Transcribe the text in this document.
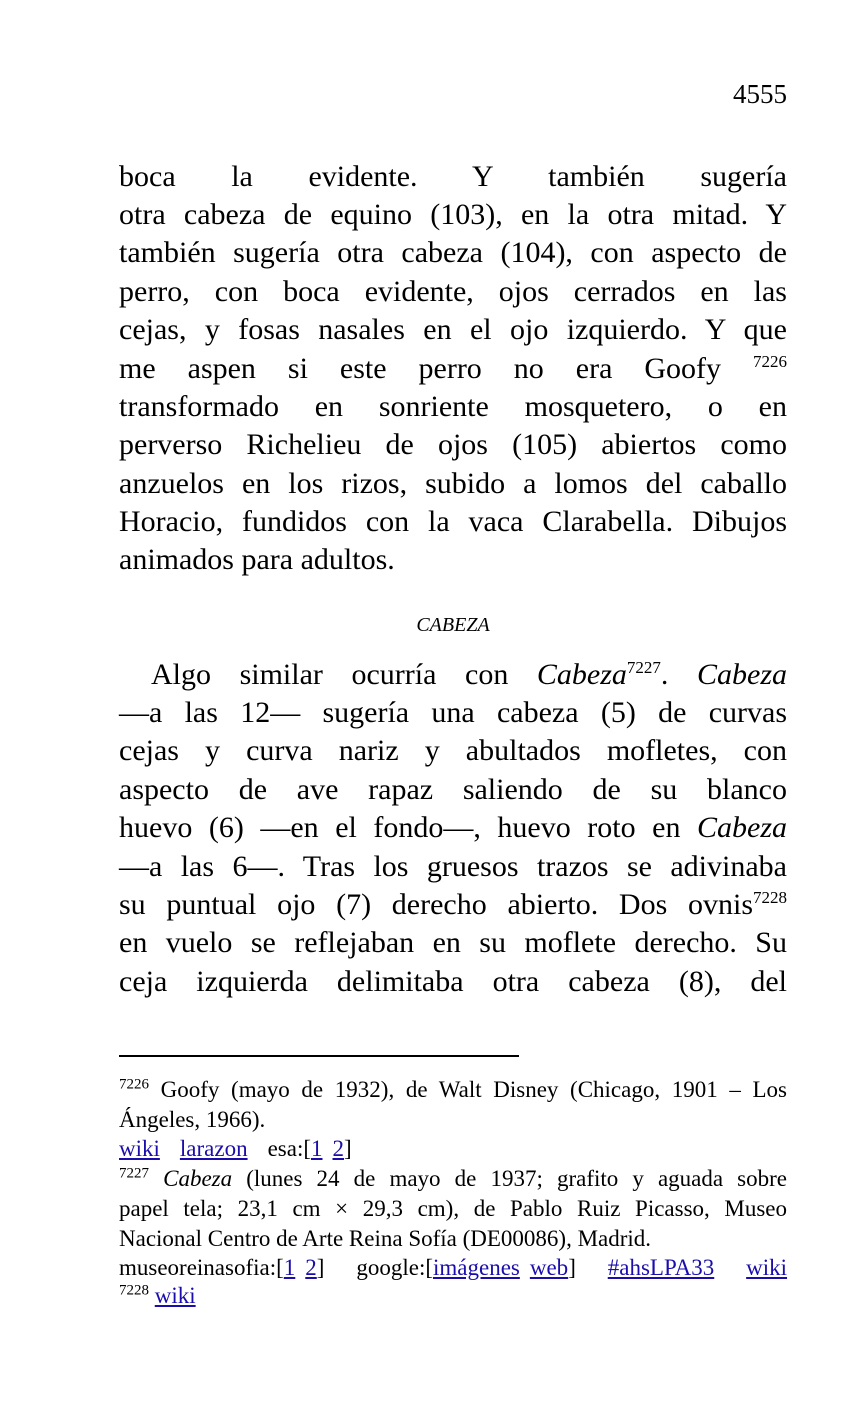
4555
boca la evidente. Y también sugería
otra cabeza de equino (103), en la otra mitad. Y
también sugería otra cabeza (104), con aspecto de
perro, con boca evidente, ojos cerrados en las
cejas, y fosas nasales en el ojo izquierdo. Y que
me aspen si este perro no era Goofy $^{7226}$
transformado en sonriente mosquetero, o en
perverso Richelieu de ojos (105) abiertos como
anzuelos en los rizos, subido a lomos del caballo
Horacio, fundidos con la vaca Clarabella. Dibujos
animados para adultos.
CABEZA
Algo similar ocurría con Cabeza$^{7227}$. Cabeza
—a las 12— sugería una cabeza (5) de curvas
cejas y curva nariz y abultados mofletes, con
aspecto de ave rapaz saliendo de su blanco
huevo (6) —en el fondo—, huevo roto en Cabeza
—a las 6—. Tras los gruesos trazos se adivinaba
su puntual ojo (7) derecho abierto. Dos ovnis$^{7228}$
en vuelo se reflejaban en su moflete derecho. Su
ceja izquierda delimitaba otra cabeza (8), del
$^{7226}$ Goofy (mayo de 1932), de Walt Disney (Chicago, 1901 – Los
Ángeles, 1966).
wiki larazon esa:[1 2]
$^{7227}$ Cabeza (lunes 24 de mayo de 1937; grafito y aguada sobre
papel tela; 23,1 cm × 29,3 cm), de Pablo Ruiz Picasso, Museo
Nacional Centro de Arte Reina Sofía (DE00086), Madrid.
museoreinasofia:[1 2] google:[imágenes web] #ahsLPA33 wiki
$^{7228}$ wiki
